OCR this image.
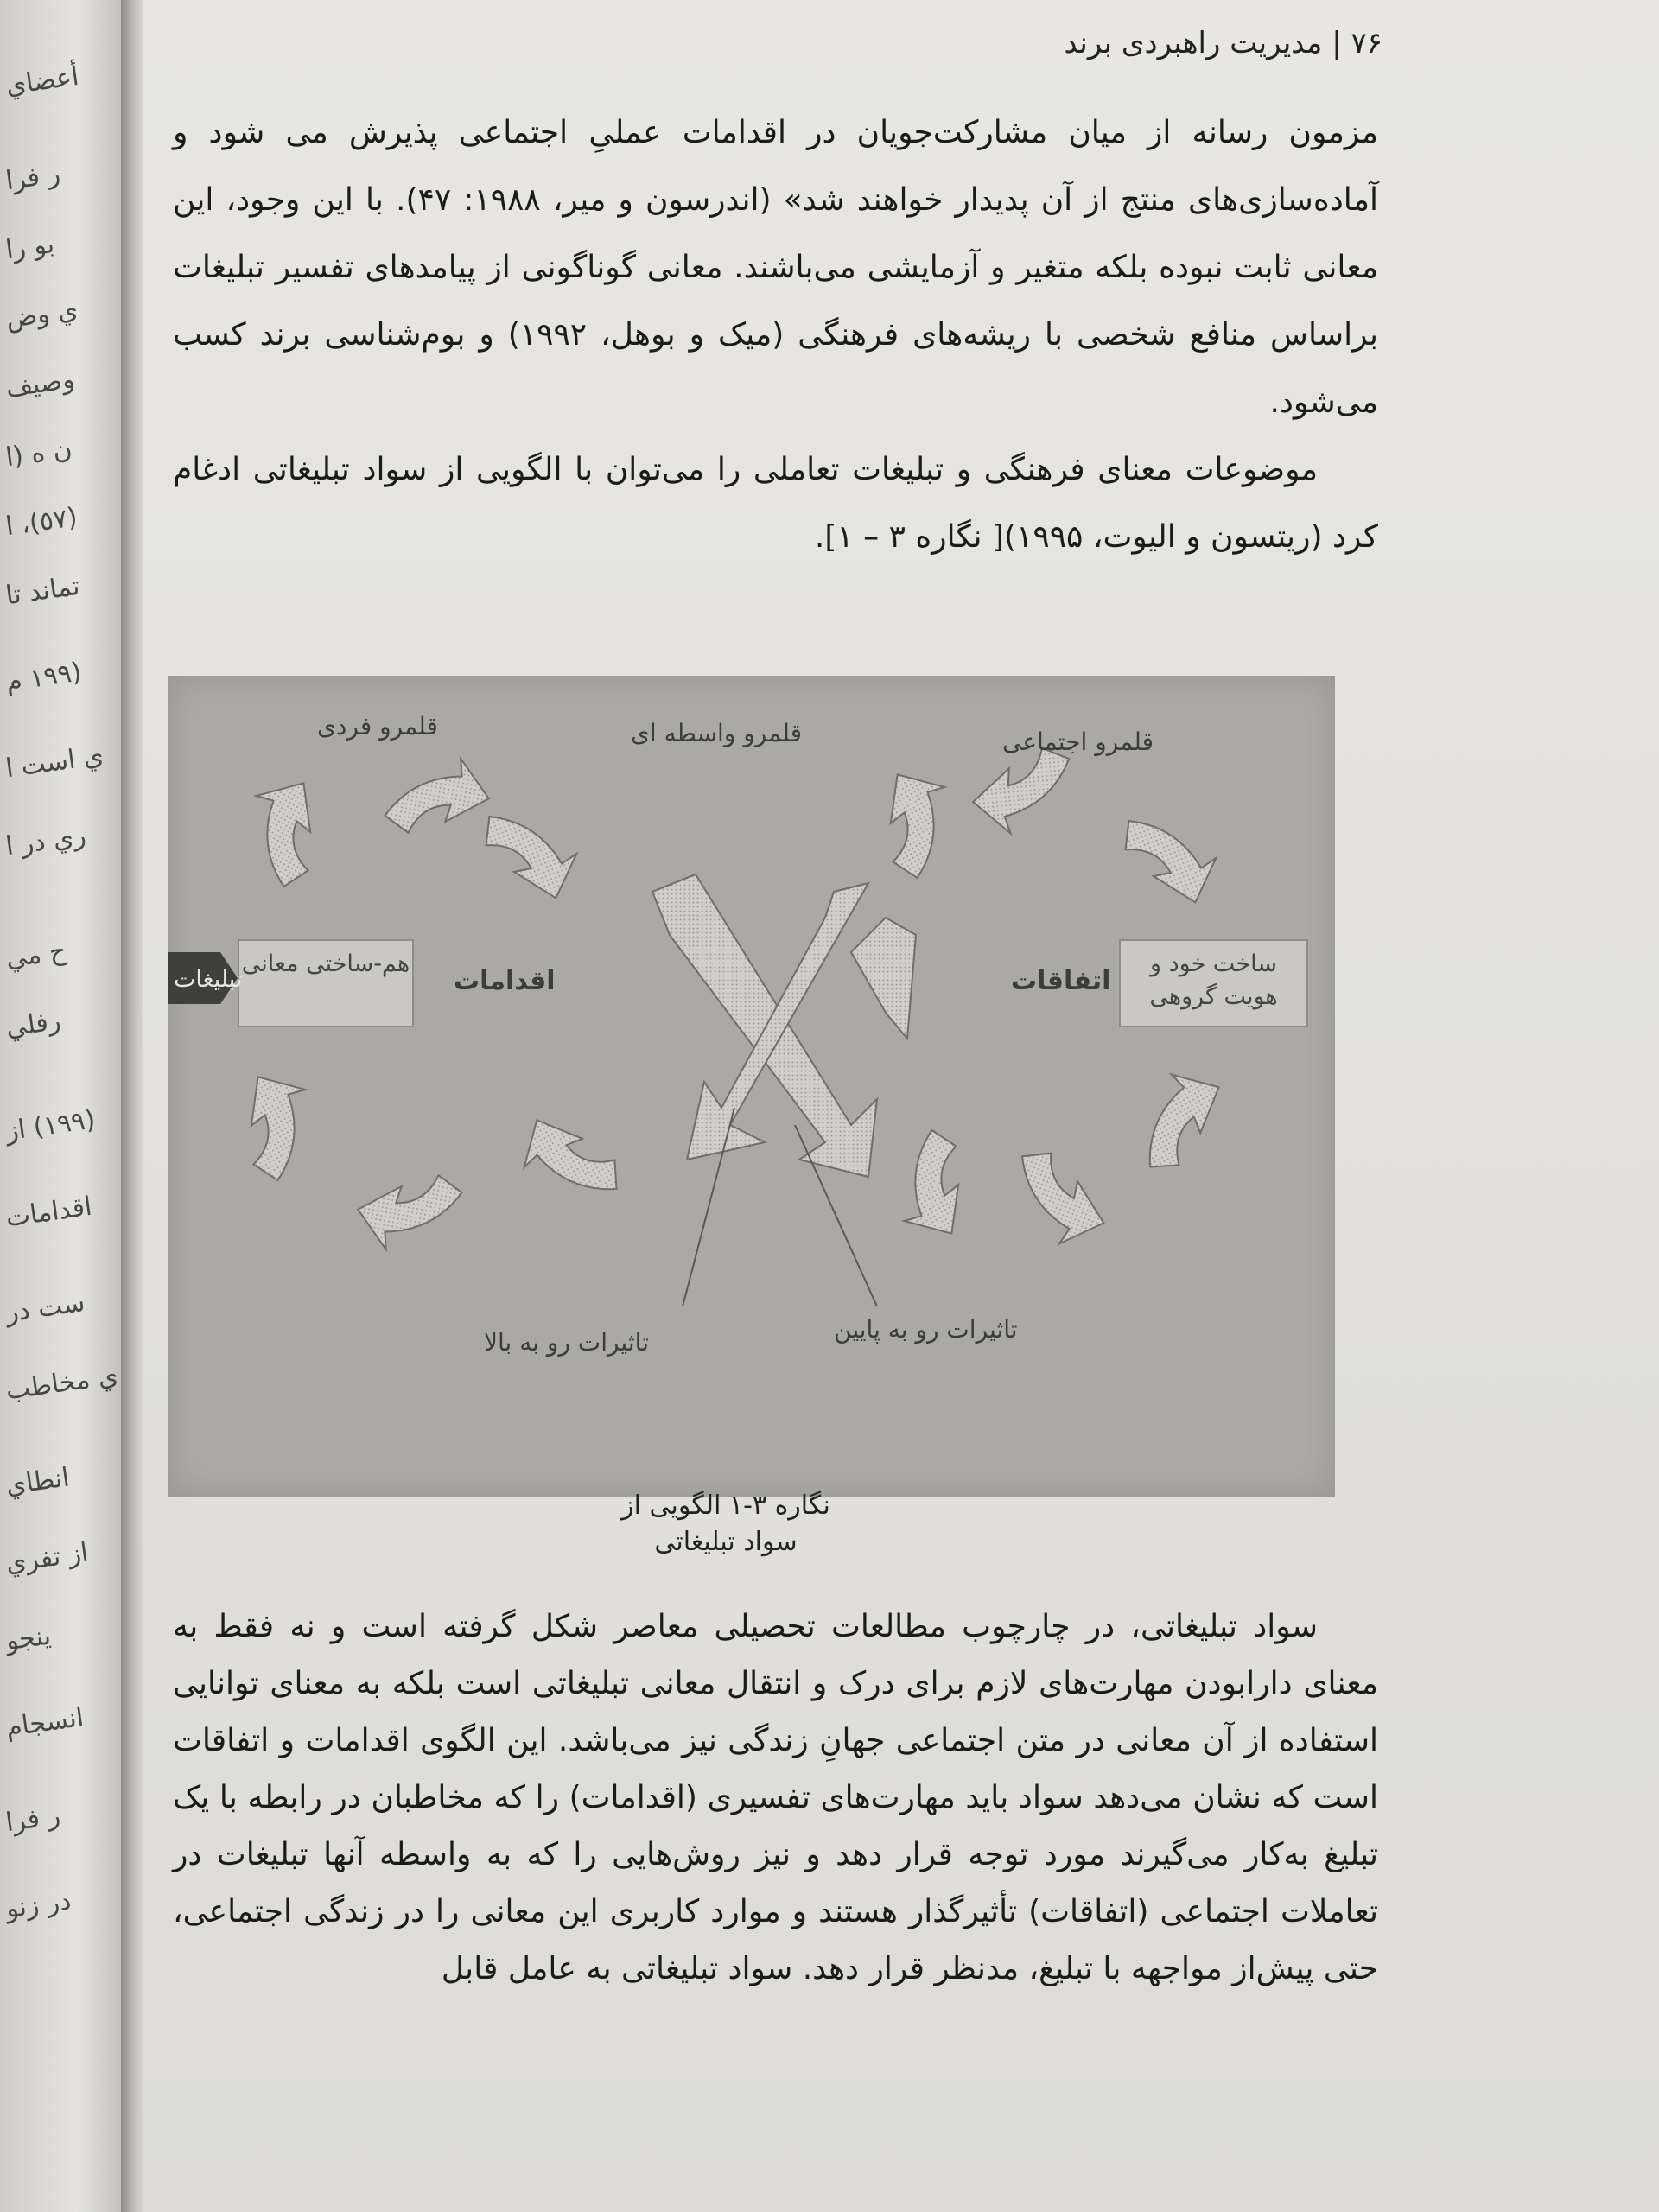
أعضاي
ر فرا
بو را
ي وض
وصيف
ن ه (ا
(٥٧)، ا
تماند تا
(١٩٩ م
ي است ا
ري در ا
ح مي
رفلي
(١٩٩) از
اقدامات
ست در
ي مخاطب
انطاي
از تفري
ينجو
انسجام
ر فرا
در زنو
۷۶ | مدیریت راهبردی برند

مزمون رسانه از میان مشارکت‌جویان در اقدامات عملیِ اجتماعی پذیرش می شود و آماده‌سازی‌های منتج از آن پدیدار خواهند شد» (اندرسون و میر، ۱۹۸۸: ۴۷). با این وجود، این معانی ثابت نبوده بلکه متغیر و آزمایشی می‌باشند. معانی گوناگونی از پیامدهای تفسیر تبلیغات براساس منافع شخصی با ریشه‌های فرهنگی (میک و بوهل، ۱۹۹۲) و بوم‌شناسی برند کسب می‌شود.

موضوعات معنای فرهنگی و تبلیغات تعاملی را می‌توان با الگویی از سواد تبلیغاتی ادغام کرد (ریتسون و الیوت، ۱۹۹۵)[ نگاره ۳ – ۱].

قلمرو فردی	قلمرو واسطه ای	قلمرو اجتماعی
اقدامات	اتفاقات
تاثیرات رو به بالا	تاثیرات رو به پایین
هم-ساختی معانی	ساخت خود و هویت گروهی
تبلیغات
نگاره ۳-۱ الگویی از
سواد تبلیغاتی

سواد تبلیغاتی، در چارچوب مطالعات تحصیلی معاصر شکل گرفته است و نه فقط به معنای دارابودن مهارت‌های لازم برای درک و انتقال معانی تبلیغاتی است بلکه به معنای توانایی استفاده از آن معانی در متن اجتماعی جهانِ زندگی نیز می‌باشد. این الگوی اقدامات و اتفاقات است که نشان می‌دهد سواد باید مهارت‌های تفسیری (اقدامات) را که مخاطبان در رابطه با یک تبلیغ به‌کار می‌گیرند مورد توجه قرار دهد و نیز روش‌هایی را که به واسطه آنها تبلیغات در تعاملات اجتماعی (اتفاقات) تأثیرگذار هستند و موارد کاربری این معانی را در زندگی اجتماعی، حتی پیش‌از مواجهه با تبلیغ، مدنظر قرار دهد. سواد تبلیغاتی به عامل قابل
